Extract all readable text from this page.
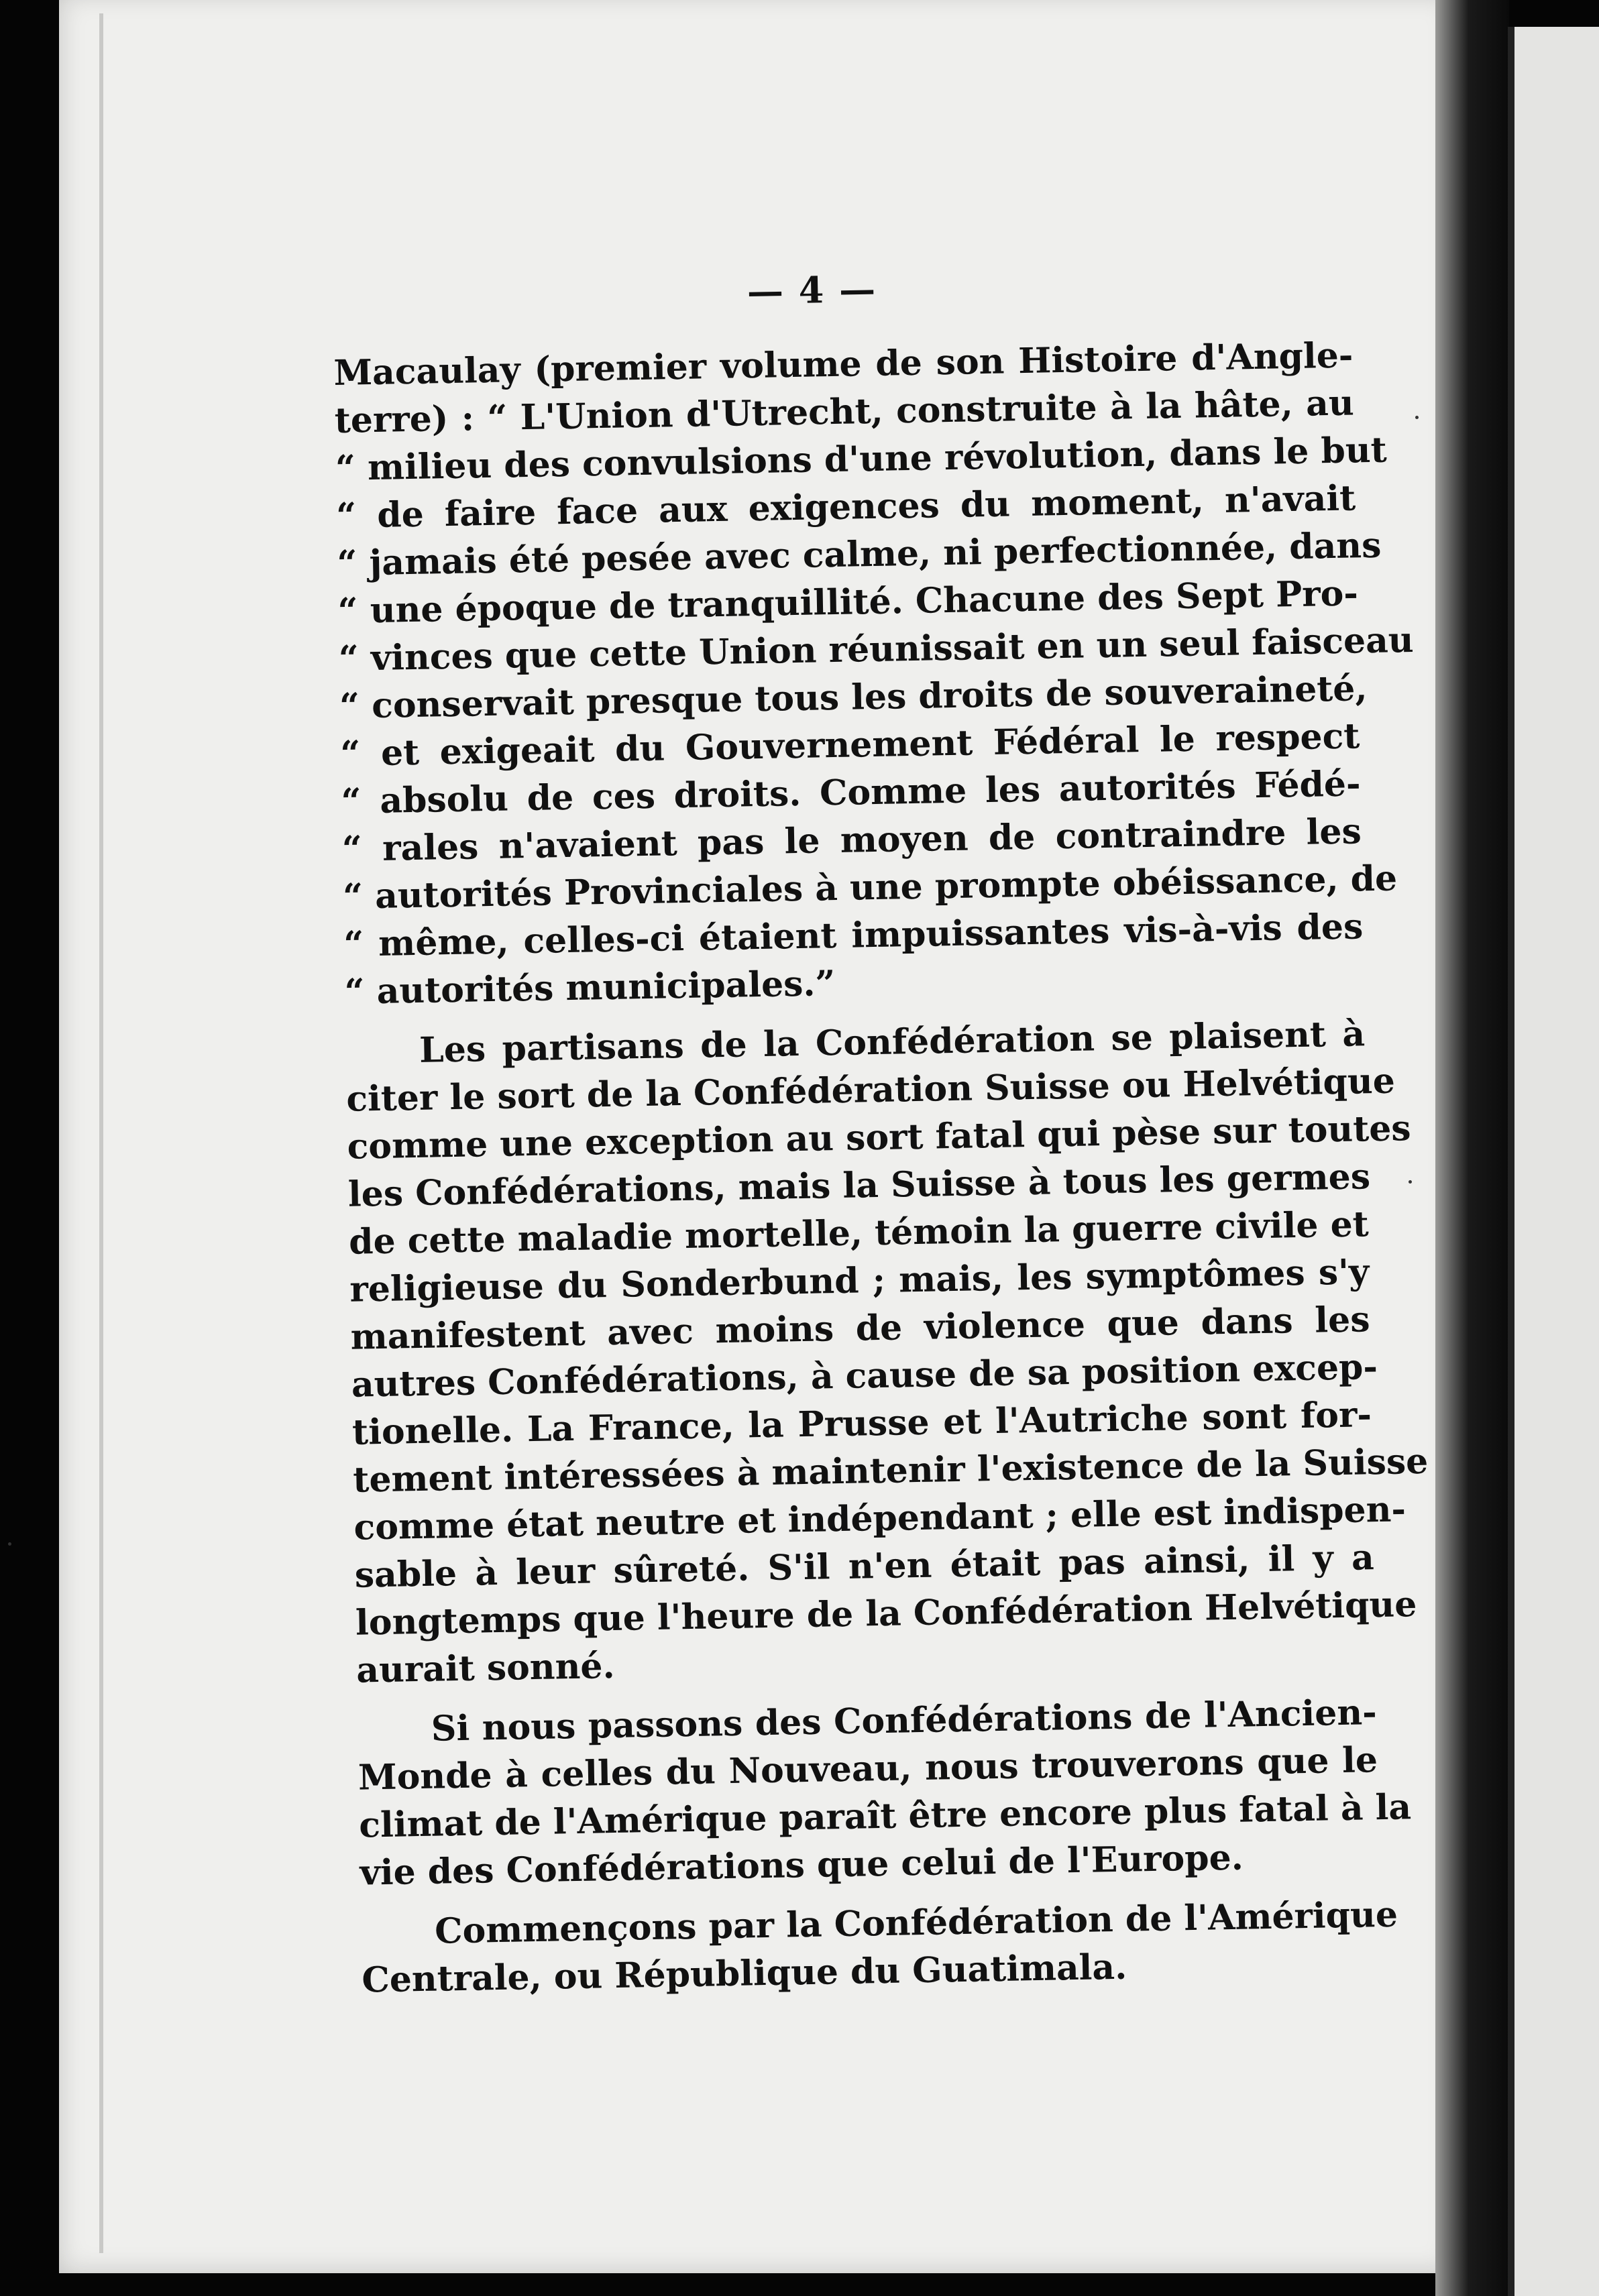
— 4 —
Macaulay (premier volume de son Histoire d'Angle-
terre) : “ L'Union d'Utrecht, construite à la hâte, au
“ milieu des convulsions d'une révolution, dans le but
“ de faire face aux exigences du moment, n'avait
“ jamais été pesée avec calme, ni perfectionnée, dans
“ une époque de tranquillité. Chacune des Sept Pro-
“ vinces que cette Union réunissait en un seul faisceau
“ conservait presque tous les droits de souveraineté,
“ et exigeait du Gouvernement Fédéral le respect
“ absolu de ces droits. Comme les autorités Fédé-
“ rales n'avaient pas le moyen de contraindre les
“ autorités Provinciales à une prompte obéissance, de
“ même, celles-ci étaient impuissantes vis-à-vis des
“ autorités municipales.”
Les partisans de la Confédération se plaisent à
citer le sort de la Confédération Suisse ou Helvétique
comme une exception au sort fatal qui pèse sur toutes
les Confédérations, mais la Suisse à tous les germes
de cette maladie mortelle, témoin la guerre civile et
religieuse du Sonderbund ; mais, les symptômes s'y
manifestent avec moins de violence que dans les
autres Confédérations, à cause de sa position excep-
tionelle. La France, la Prusse et l'Autriche sont for-
tement intéressées à maintenir l'existence de la Suisse
comme état neutre et indépendant ; elle est indispen-
sable à leur sûreté. S'il n'en était pas ainsi, il y a
longtemps que l'heure de la Confédération Helvétique
aurait sonné.
Si nous passons des Confédérations de l'Ancien-
Monde à celles du Nouveau, nous trouverons que le
climat de l'Amérique paraît être encore plus fatal à la
vie des Confédérations que celui de l'Europe.
Commençons par la Confédération de l'Amérique
Centrale, ou République du Guatimala.
